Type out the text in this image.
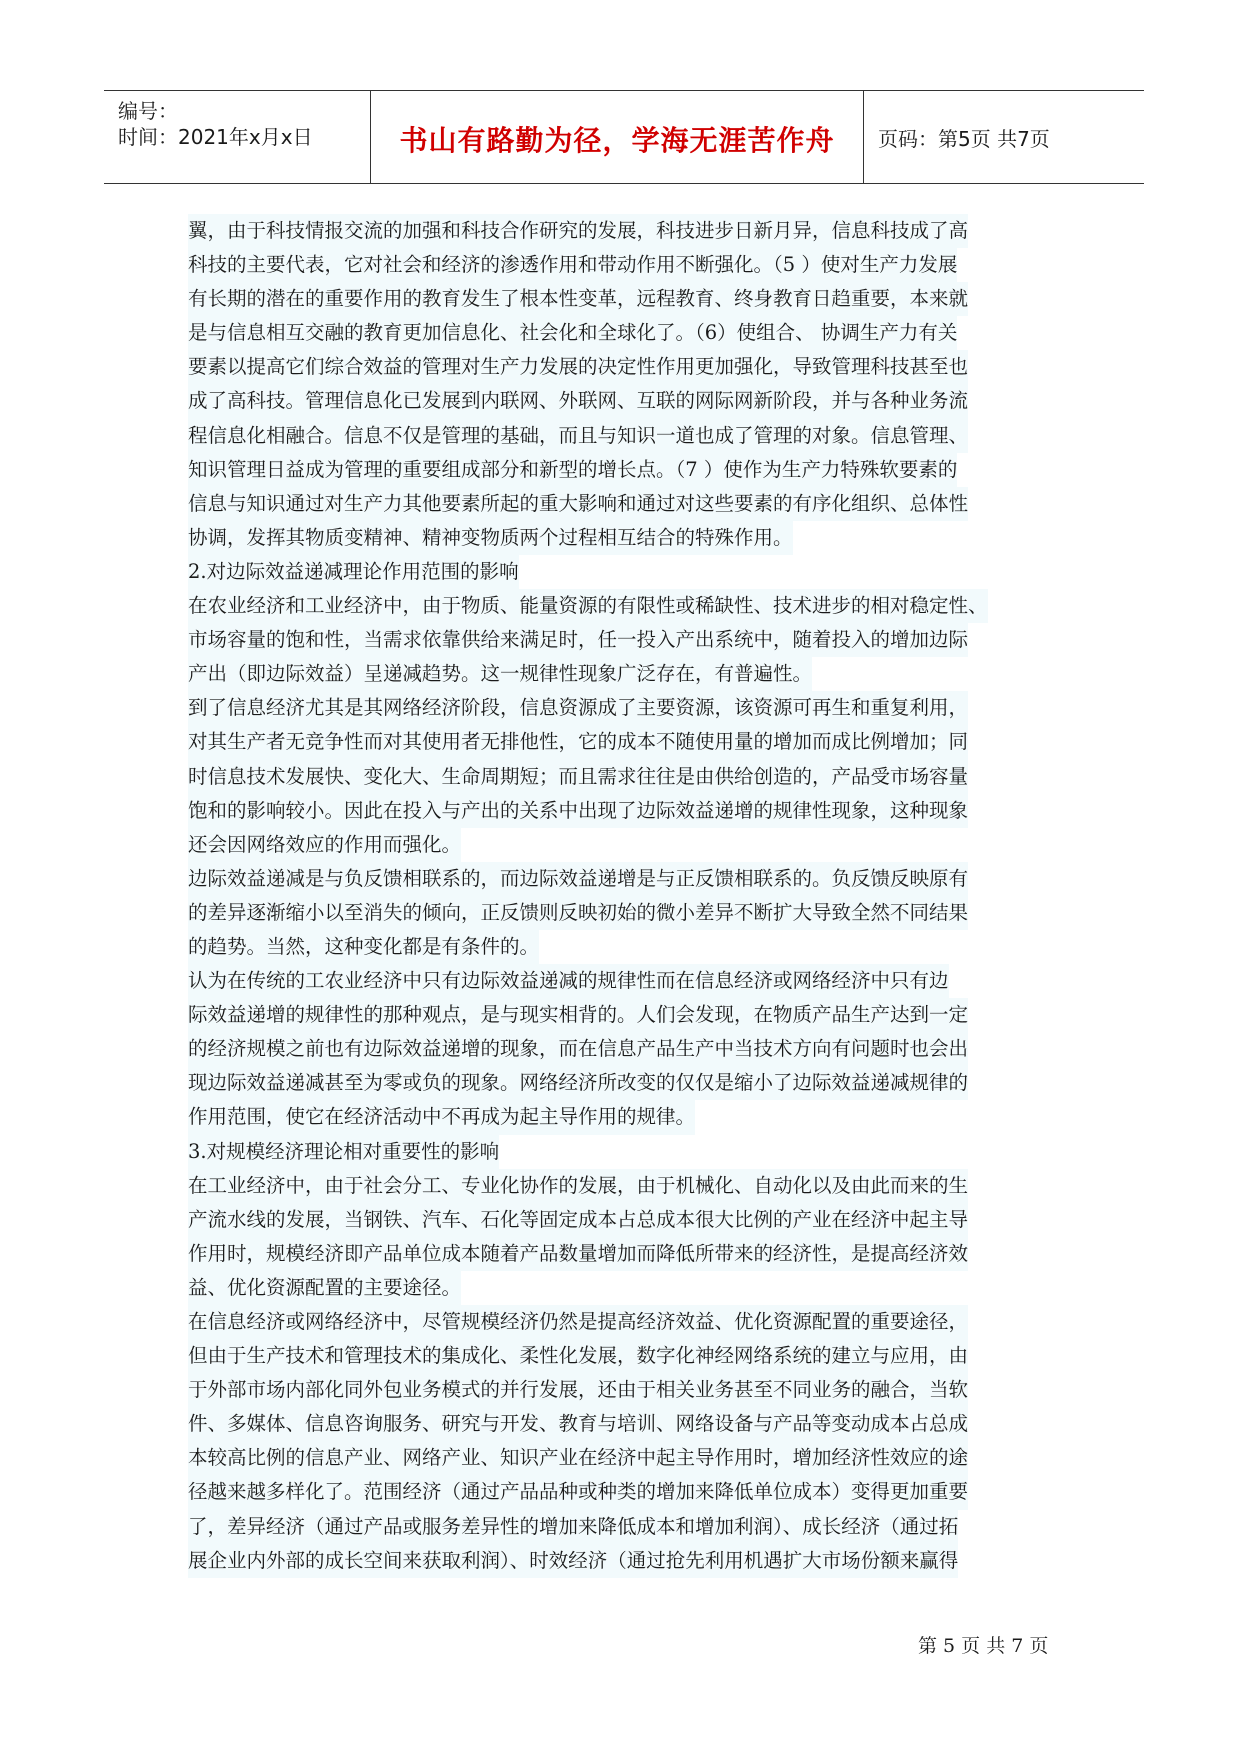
编号：
时间：2021年x月x日	书山有路勤为径，学海无涯苦作舟	页码：第5页 共7页
翼，由于科技情报交流的加强和科技合作研究的发展，科技进步日新月异，信息科技成了高
科技的主要代表，它对社会和经济的渗透作用和带动作用不断强化。（5 ）使对生产力发展
有长期的潜在的重要作用的教育发生了根本性变革，远程教育、终身教育日趋重要，本来就
是与信息相互交融的教育更加信息化、社会化和全球化了。（6）使组合、 协调生产力有关
要素以提高它们综合效益的管理对生产力发展的决定性作用更加强化，导致管理科技甚至也
成了高科技。管理信息化已发展到内联网、外联网、互联的网际网新阶段，并与各种业务流
程信息化相融合。信息不仅是管理的基础，而且与知识一道也成了管理的对象。信息管理、
知识管理日益成为管理的重要组成部分和新型的增长点。（7 ）使作为生产力特殊软要素的
信息与知识通过对生产力其他要素所起的重大影响和通过对这些要素的有序化组织、总体性
协调，发挥其物质变精神、精神变物质两个过程相互结合的特殊作用。
2.对边际效益递减理论作用范围的影响
在农业经济和工业经济中，由于物质、能量资源的有限性或稀缺性、技术进步的相对稳定性、
市场容量的饱和性，当需求依靠供给来满足时，任一投入产出系统中，随着投入的增加边际
产出（即边际效益）呈递减趋势。这一规律性现象广泛存在，有普遍性。
到了信息经济尤其是其网络经济阶段，信息资源成了主要资源，该资源可再生和重复利用，
对其生产者无竞争性而对其使用者无排他性，它的成本不随使用量的增加而成比例增加；同
时信息技术发展快、变化大、生命周期短；而且需求往往是由供给创造的，产品受市场容量
饱和的影响较小。因此在投入与产出的关系中出现了边际效益递增的规律性现象，这种现象
还会因网络效应的作用而强化。
边际效益递减是与负反馈相联系的，而边际效益递增是与正反馈相联系的。负反馈反映原有
的差异逐渐缩小以至消失的倾向，正反馈则反映初始的微小差异不断扩大导致全然不同结果
的趋势。当然，这种变化都是有条件的。
认为在传统的工农业经济中只有边际效益递减的规律性而在信息经济或网络经济中只有边
际效益递增的规律性的那种观点，是与现实相背的。人们会发现，在物质产品生产达到一定
的经济规模之前也有边际效益递增的现象，而在信息产品生产中当技术方向有问题时也会出
现边际效益递减甚至为零或负的现象。网络经济所改变的仅仅是缩小了边际效益递减规律的
作用范围，使它在经济活动中不再成为起主导作用的规律。
3.对规模经济理论相对重要性的影响
在工业经济中，由于社会分工、专业化协作的发展，由于机械化、自动化以及由此而来的生
产流水线的发展，当钢铁、汽车、石化等固定成本占总成本很大比例的产业在经济中起主导
作用时，规模经济即产品单位成本随着产品数量增加而降低所带来的经济性，是提高经济效
益、优化资源配置的主要途径。
在信息经济或网络经济中，尽管规模经济仍然是提高经济效益、优化资源配置的重要途径，
但由于生产技术和管理技术的集成化、柔性化发展，数字化神经网络系统的建立与应用，由
于外部市场内部化同外包业务模式的并行发展，还由于相关业务甚至不同业务的融合，当软
件、多媒体、信息咨询服务、研究与开发、教育与培训、网络设备与产品等变动成本占总成
本较高比例的信息产业、网络产业、知识产业在经济中起主导作用时，增加经济性效应的途
径越来越多样化了。范围经济（通过产品品种或种类的增加来降低单位成本）变得更加重要
了，差异经济（通过产品或服务差异性的增加来降低成本和增加利润）、成长经济（通过拓
展企业内外部的成长空间来获取利润）、时效经济（通过抢先利用机遇扩大市场份额来赢得
第 5 页 共 7 页
